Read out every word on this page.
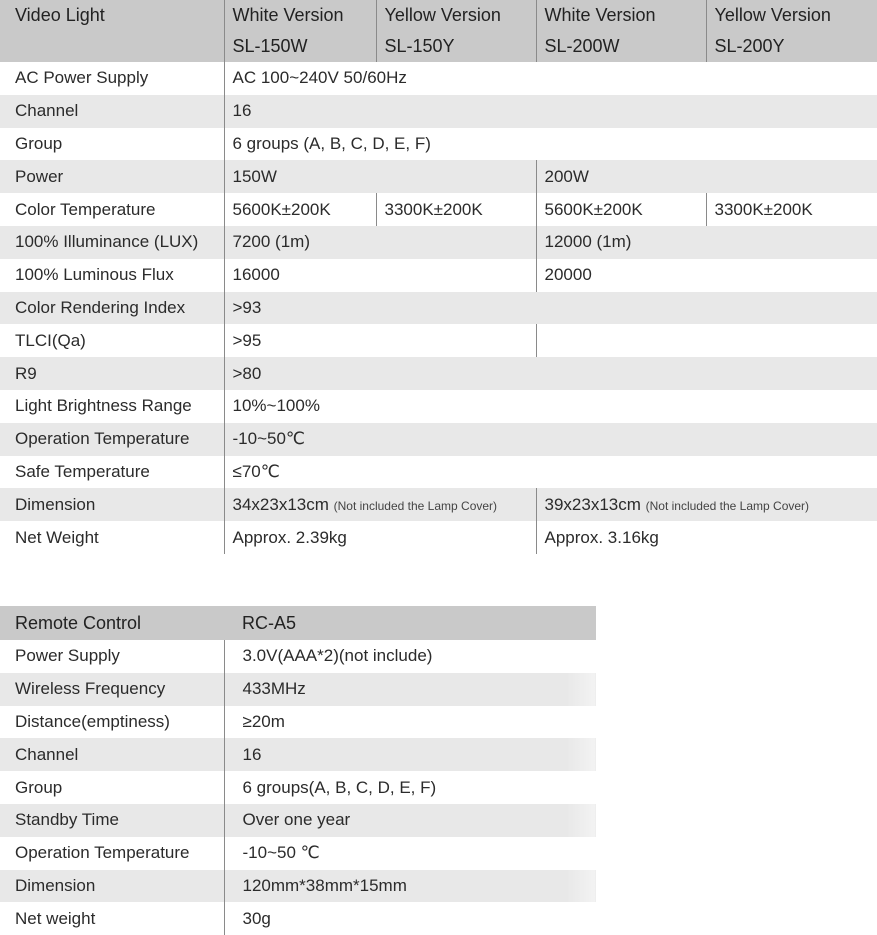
Video Light	White Version	Yellow Version	White Version	Yellow Version
	SL-150W	SL-150Y	SL-200W	SL-200Y
AC Power Supply	AC 100~240V 50/60Hz			
Channel	16			
Group	6 groups (A, B, C, D, E, F)			
Power	150W		200W	
Color Temperature	5600K±200K	3300K±200K	5600K±200K	3300K±200K
100% Illuminance (LUX)	7200 (1m)		12000 (1m)	
100% Luminous Flux	16000		20000	
Color Rendering Index	>93			
TLCI(Qa)	>95			
R9	>80			
Light Brightness Range	10%~100%			
Operation Temperature	-10~50℃			
Safe Temperature	≤70℃			
Dimension	34x23x13cm (Not included the Lamp Cover)		39x23x13cm (Not included the Lamp Cover)	
Net Weight	Approx. 2.39kg		Approx. 3.16kg	
Remote Control	RC-A5
Power Supply	3.0V(AAA*2)(not include)
Wireless Frequency	433MHz
Distance(emptiness)	≥20m
Channel	16
Group	6 groups(A, B, C, D, E, F)
Standby Time	Over one year
Operation Temperature	-10~50 ℃
Dimension	120mm*38mm*15mm
Net weight	30g
